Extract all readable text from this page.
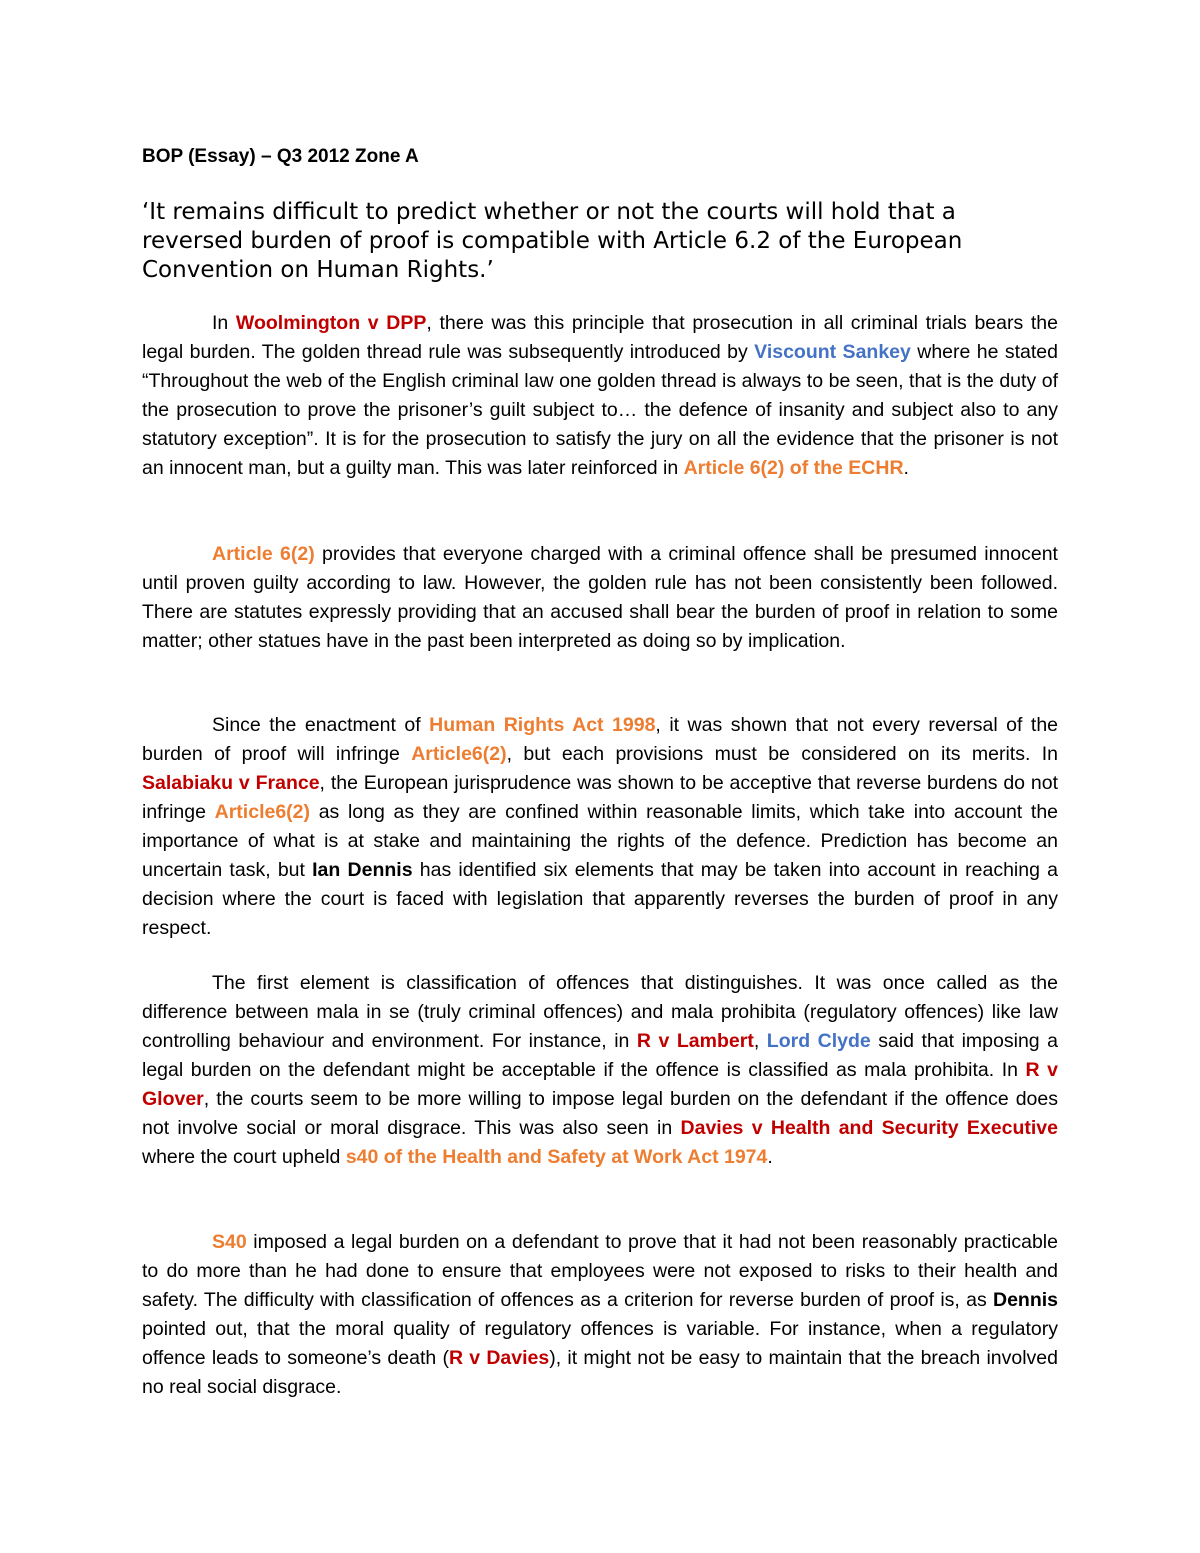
BOP (Essay) – Q3 2012 Zone A

‘It remains difficult to predict whether or not the courts will hold that a reversed burden of proof is compatible with Article 6.2 of the European Convention on Human Rights.’

In Woolmington v DPP, there was this principle that prosecution in all criminal trials bears the legal burden. The golden thread rule was subsequently introduced by Viscount Sankey where he stated “Throughout the web of the English criminal law one golden thread is always to be seen, that is the duty of the prosecution to prove the prisoner’s guilt subject to… the defence of insanity and subject also to any statutory exception”. It is for the prosecution to satisfy the jury on all the evidence that the prisoner is not an innocent man, but a guilty man. This was later reinforced in Article 6(2) of the ECHR.

Article 6(2) provides that everyone charged with a criminal offence shall be presumed innocent until proven guilty according to law. However, the golden rule has not been consistently been followed. There are statutes expressly providing that an accused shall bear the burden of proof in relation to some matter; other statues have in the past been interpreted as doing so by implication.

Since the enactment of Human Rights Act 1998, it was shown that not every reversal of the burden of proof will infringe Article6(2), but each provisions must be considered on its merits. In Salabiaku v France, the European jurisprudence was shown to be acceptive that reverse burdens do not infringe Article6(2) as long as they are confined within reasonable limits, which take into account the importance of what is at stake and maintaining the rights of the defence. Prediction has become an uncertain task, but Ian Dennis has identified six elements that may be taken into account in reaching a decision where the court is faced with legislation that apparently reverses the burden of proof in any respect.

The first element is classification of offences that distinguishes. It was once called as the difference between mala in se (truly criminal offences) and mala prohibita (regulatory offences) like law controlling behaviour and environment. For instance, in R v Lambert, Lord Clyde said that imposing a legal burden on the defendant might be acceptable if the offence is classified as mala prohibita. In R v Glover, the courts seem to be more willing to impose legal burden on the defendant if the offence does not involve social or moral disgrace. This was also seen in Davies v Health and Security Executive where the court upheld s40 of the Health and Safety at Work Act 1974.

S40 imposed a legal burden on a defendant to prove that it had not been reasonably practicable to do more than he had done to ensure that employees were not exposed to risks to their health and safety. The difficulty with classification of offences as a criterion for reverse burden of proof is, as Dennis pointed out, that the moral quality of regulatory offences is variable. For instance, when a regulatory offence leads to someone’s death (R v Davies), it might not be easy to maintain that the breach involved no real social disgrace.
